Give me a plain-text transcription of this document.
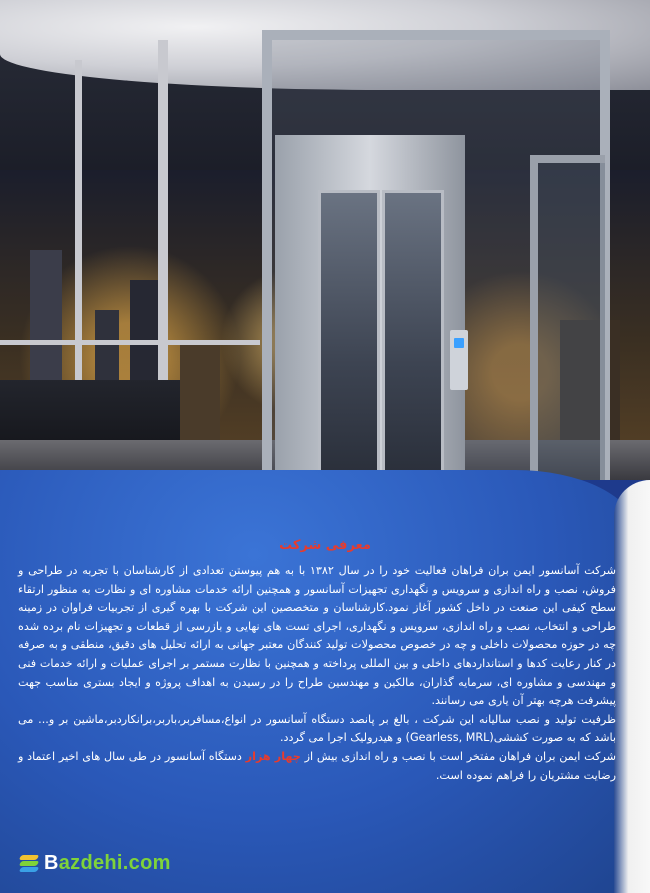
معرفی شرکت

شرکت آسانسور ایمن بران فراهان فعالیت خود را در سال ۱۳۸۲ با به هم پیوستن تعدادی از کارشناسان با تجربه در طراحی و فروش، نصب و راه اندازی و سرویس و نگهداری تجهیزات آسانسور و همچنین ارائه خدمات مشاوره ای و نظارت به منظور ارتقاء سطح کیفی این صنعت در داخل کشور آغاز نمود.کارشناسان و متخصصین این شرکت با بهره گیری از تجربیات فراوان در زمینه طراحی و انتخاب، نصب و راه اندازی، سرویس و نگهداری، اجرای تست های نهایی و بازرسی از قطعات و تجهیزات نام برده شده چه در حوزه محصولات داخلی و چه در خصوص محصولات تولید کنندگان معتبر جهانی به ارائه تحلیل های دقیق، منطقی و به صرفه در کنار رعایت کدها و استانداردهای داخلی و بین المللی پرداخته و همچنین با نظارت مستمر بر اجرای عملیات و ارائه خدمات فنی و مهندسی و مشاوره ای، سرمایه گذاران، مالکین و مهندسین طراح را در رسیدن به اهداف پروژه و ایجاد بستری مناسب جهت پیشرفت هرچه بهتر آن یاری می رسانند.

ظرفیت تولید و نصب سالیانه این شرکت ، بالغ بر پانصد دستگاه آسانسور در انواع،مسافربر،باربر،برانکاردبر،ماشین بر و... می باشد که به صورت کششی(Gearless, MRL) و هیدرولیک اجرا می گردد.

شرکت ایمن بران فراهان مفتخر است با نصب و راه اندازی بیش از چهار هزار دستگاه آسانسور در طی سال های اخیر اعتماد و رضایت مشتریان را فراهم نموده است.

Bazdehi.com
